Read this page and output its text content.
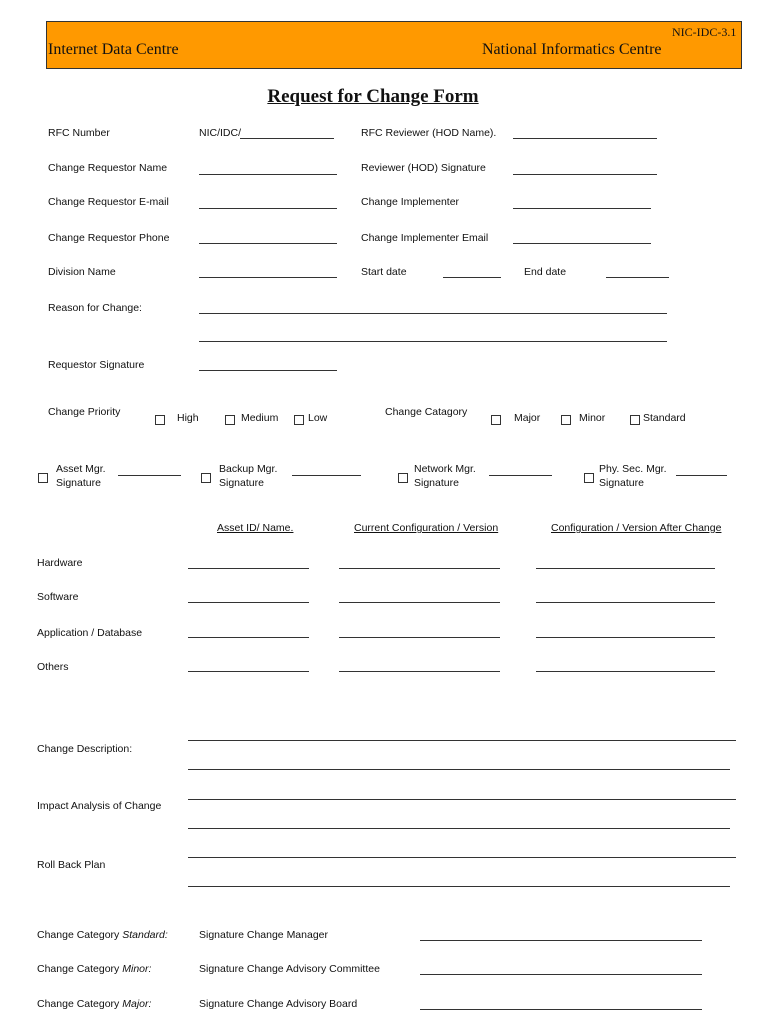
NIC-IDC-3.1
Internet Data Centre	National Informatics Centre
Request for Change Form
RFC Number	NIC/IDC/	RFC Reviewer (HOD Name).
Change Requestor Name	Reviewer (HOD) Signature
Change Requestor E-mail	Change Implementer
Change Requestor Phone	Change Implementer Email
Division Name	Start date	End date
Reason for Change:
Requestor Signature
Change Priority	High	Medium	Low	Change Catagory	Major	Minor	Standard
Asset Mgr.
Signature
Backup Mgr.
Signature
Network Mgr.
Signature
Phy. Sec. Mgr.
Signature
Asset ID/ Name.	Current Configuration / Version	Configuration / Version After Change
Hardware
Software
Application / Database
Others
Change Description:
Impact Analysis of Change
Roll Back Plan
Change Category Standard:	Signature Change Manager
Change Category Minor:	Signature Change Advisory Committee
Change Category Major:	Signature Change Advisory Board
